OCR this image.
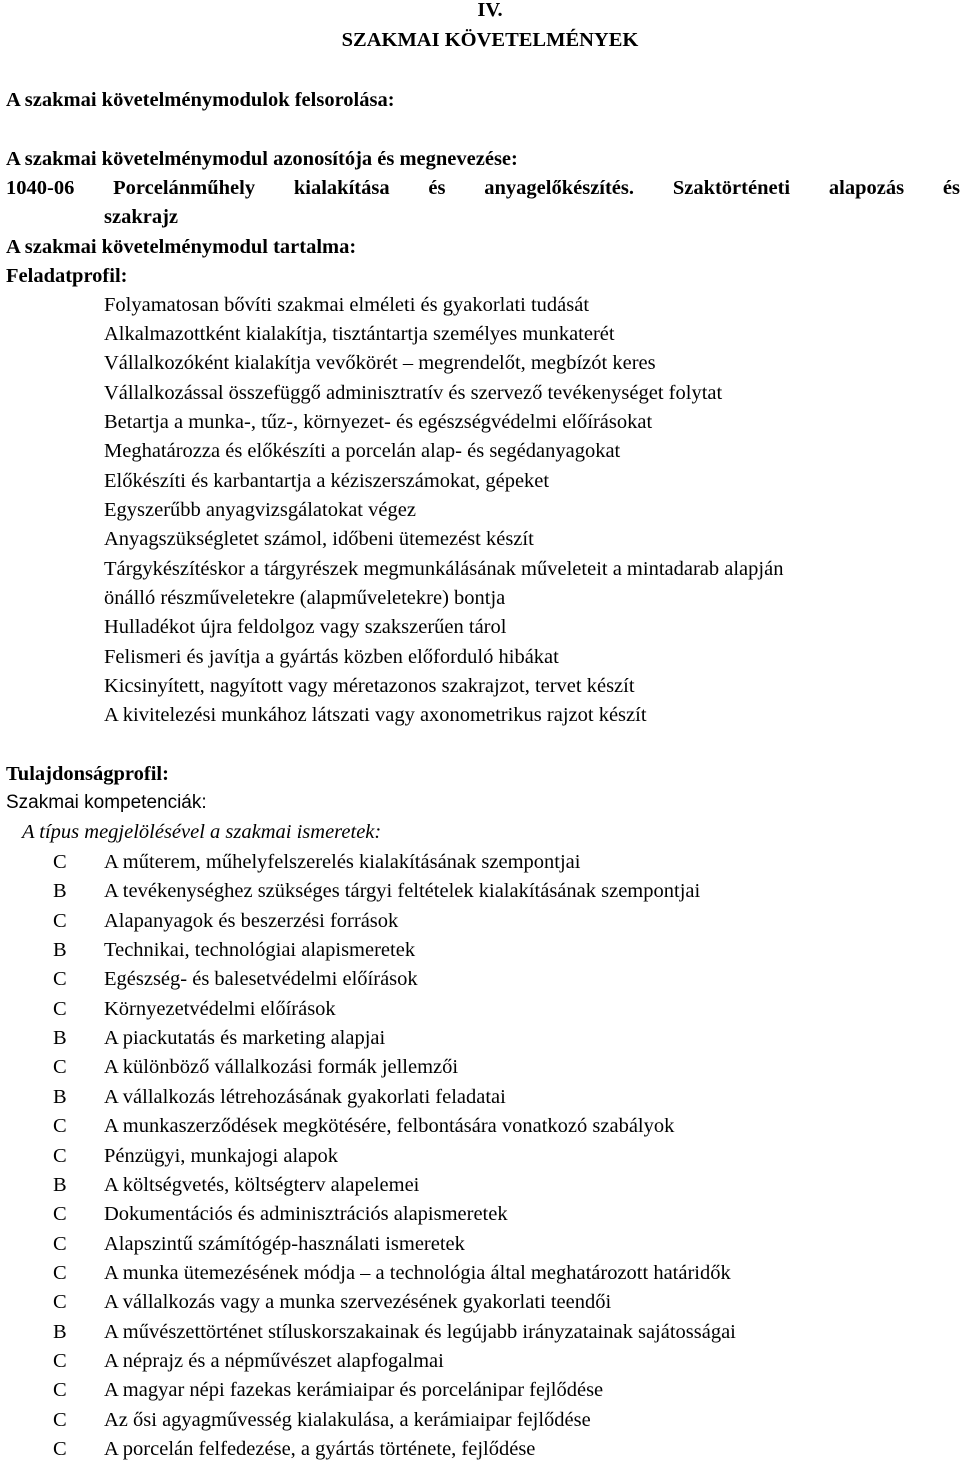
IV.
SZAKMAI KÖVETELMÉNYEK
A szakmai követelménymodulok felsorolása:
A szakmai követelménymodul azonosítója és megnevezése:
1040-06 Porcelánműhely kialakítása és anyagelőkészítés. Szaktörténeti alapozás és
szakrajz
A szakmai követelménymodul tartalma:
Feladatprofil:
Folyamatosan bővíti szakmai elméleti és gyakorlati tudását
Alkalmazottként kialakítja, tisztántartja személyes munkaterét
Vállalkozóként kialakítja vevőkörét – megrendelőt, megbízót keres
Vállalkozással összefüggő adminisztratív és szervező tevékenységet folytat
Betartja a munka-, tűz-, környezet- és egészségvédelmi előírásokat
Meghatározza és előkészíti a porcelán alap- és segédanyagokat
Előkészíti és karbantartja a kéziszerszámokat, gépeket
Egyszerűbb anyagvizsgálatokat végez
Anyagszükségletet számol, időbeni ütemezést készít
Tárgykészítéskor a tárgyrészek megmunkálásának műveleteit a mintadarab alapján
önálló részműveletekre (alapműveletekre) bontja
Hulladékot újra feldolgoz vagy szakszerűen tárol
Felismeri és javítja a gyártás közben előforduló hibákat
Kicsinyített, nagyított vagy méretazonos szakrajzot, tervet készít
A kivitelezési munkához látszati vagy axonometrikus rajzot készít
Tulajdonságprofil:
Szakmai kompetenciák:
A típus megjelölésével a szakmai ismeretek:
C A műterem, műhelyfelszerelés kialakításának szempontjai
B A tevékenységhez szükséges tárgyi feltételek kialakításának szempontjai
C Alapanyagok és beszerzési források
B Technikai, technológiai alapismeretek
C Egészség- és balesetvédelmi előírások
C Környezetvédelmi előírások
B A piackutatás és marketing alapjai
C A különböző vállalkozási formák jellemzői
B A vállalkozás létrehozásának gyakorlati feladatai
C A munkaszerződések megkötésére, felbontására vonatkozó szabályok
C Pénzügyi, munkajogi alapok
B A költségvetés, költségterv alapelemei
C Dokumentációs és adminisztrációs alapismeretek
C Alapszintű számítógép-használati ismeretek
C A munka ütemezésének módja – a technológia által meghatározott határidők
C A vállalkozás vagy a munka szervezésének gyakorlati teendői
B A művészettörténet stíluskorszakainak és legújabb irányzatainak sajátosságai
C A néprajz és a népművészet alapfogalmai
C A magyar népi fazekas kerámiaipar és porcelánipar fejlődése
C Az ősi agyagművesség kialakulása, a kerámiaipar fejlődése
C A porcelán felfedezése, a gyártás története, fejlődése
